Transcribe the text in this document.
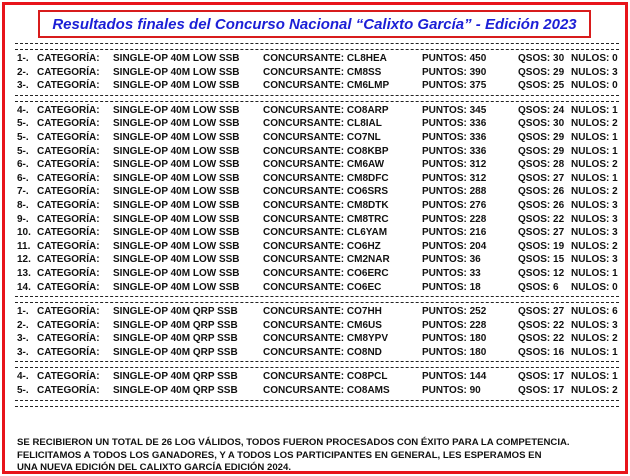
Resultados finales del Concurso Nacional “Calixto García” - Edición 2023
1-. CATEGORÍA: SINGLE-OP 40M LOW SSB CONCURSANTE: CL8HEA	PUNTOS: 450	QSOS: 30 NULOS: 0
2-. CATEGORÍA: SINGLE-OP 40M LOW SSB CONCURSANTE: CM8SS	PUNTOS: 390	QSOS: 29 NULOS: 3
3-. CATEGORÍA: SINGLE-OP 40M LOW SSB CONCURSANTE: CM6LMP	PUNTOS: 375	QSOS: 25 NULOS: 0
4-. CATEGORÍA: SINGLE-OP 40M LOW SSB CONCURSANTE: CO8ARP	PUNTOS: 345	QSOS: 24 NULOS: 1
5-. CATEGORÍA: SINGLE-OP 40M LOW SSB CONCURSANTE: CL8IAL	PUNTOS: 336	QSOS: 30 NULOS: 2
5-. CATEGORÍA: SINGLE-OP 40M LOW SSB CONCURSANTE: CO7NL	PUNTOS: 336	QSOS: 29 NULOS: 1
5-. CATEGORÍA: SINGLE-OP 40M LOW SSB CONCURSANTE: CO8KBP	PUNTOS: 336	QSOS: 29 NULOS: 1
6-. CATEGORÍA: SINGLE-OP 40M LOW SSB CONCURSANTE: CM6AW	PUNTOS: 312	QSOS: 28 NULOS: 2
6-. CATEGORÍA: SINGLE-OP 40M LOW SSB CONCURSANTE: CM8DFC	PUNTOS: 312	QSOS: 27 NULOS: 1
7-. CATEGORÍA: SINGLE-OP 40M LOW SSB CONCURSANTE: CO6SRS	PUNTOS: 288	QSOS: 26 NULOS: 2
8-. CATEGORÍA: SINGLE-OP 40M LOW SSB CONCURSANTE: CM8DTK	PUNTOS: 276	QSOS: 26 NULOS: 3
9-. CATEGORÍA: SINGLE-OP 40M LOW SSB CONCURSANTE: CM8TRC	PUNTOS: 228	QSOS: 22 NULOS: 3
10. CATEGORÍA: SINGLE-OP 40M LOW SSB CONCURSANTE: CL6YAM	PUNTOS: 216	QSOS: 27 NULOS: 3
11. CATEGORÍA: SINGLE-OP 40M LOW SSB CONCURSANTE: CO6HZ	PUNTOS: 204	QSOS: 19 NULOS: 2
12. CATEGORÍA: SINGLE-OP 40M LOW SSB CONCURSANTE: CM2NAR	PUNTOS: 36	QSOS: 15 NULOS: 3
13. CATEGORÍA: SINGLE-OP 40M LOW SSB CONCURSANTE: CO6ERC	PUNTOS: 33	QSOS: 12 NULOS: 1
14. CATEGORÍA: SINGLE-OP 40M LOW SSB CONCURSANTE: CO6EC	PUNTOS: 18	QSOS: 6 NULOS: 0
1-. CATEGORÍA: SINGLE-OP 40M QRP SSB	CONCURSANTE: CO7HH	PUNTOS: 252	QSOS: 27 NULOS: 6
2-. CATEGORÍA: SINGLE-OP 40M QRP SSB	CONCURSANTE: CM6US	PUNTOS: 228	QSOS: 22 NULOS: 3
3-. CATEGORÍA: SINGLE-OP 40M QRP SSB	CONCURSANTE: CM8YPV	PUNTOS: 180	QSOS: 22 NULOS: 2
3-. CATEGORÍA: SINGLE-OP 40M QRP SSB	CONCURSANTE: CO8ND	PUNTOS: 180	QSOS: 16 NULOS: 1
4-. CATEGORÍA: SINGLE-OP 40M QRP SSB	CONCURSANTE: CO8PCL	PUNTOS: 144	QSOS: 17 NULOS: 1
5-. CATEGORÍA: SINGLE-OP 40M QRP SSB	CONCURSANTE: CO8AMS	PUNTOS: 90	QSOS: 17 NULOS: 2
SE RECIBIERON UN TOTAL DE 26 LOG VÁLIDOS, TODOS FUERON PROCESADOS CON ÉXITO PARA LA COMPETENCIA.
FELICITAMOS A TODOS LOS GANADORES, Y A TODOS LOS PARTICIPANTES EN GENERAL, LES ESPERAMOS EN
UNA NUEVA EDICIÓN DEL CALIXTO GARCÍA EDICIÓN 2024.
